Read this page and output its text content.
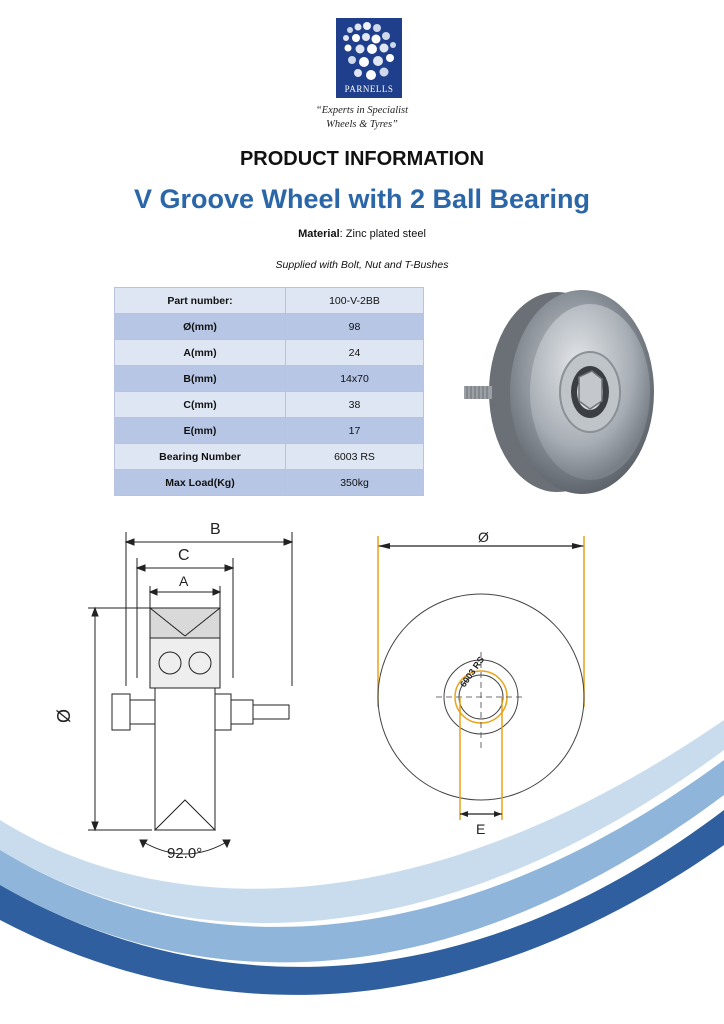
PARNELLS
“Experts in Specialist
Wheels & Tyres”
PRODUCT INFORMATION
V Groove Wheel with 2 Ball Bearing
Material: Zinc plated steel
Supplied with Bolt, Nut and T-Bushes
Part number:	100-V-2BB
Ø(mm)	98
A(mm)	24
B(mm)	14x70
C(mm)	38
E(mm)	17
Bearing Number	6003 RS
Max Load(Kg)	350kg
B
C
A
Ø
92.0°
Ø
E
6003 RS
